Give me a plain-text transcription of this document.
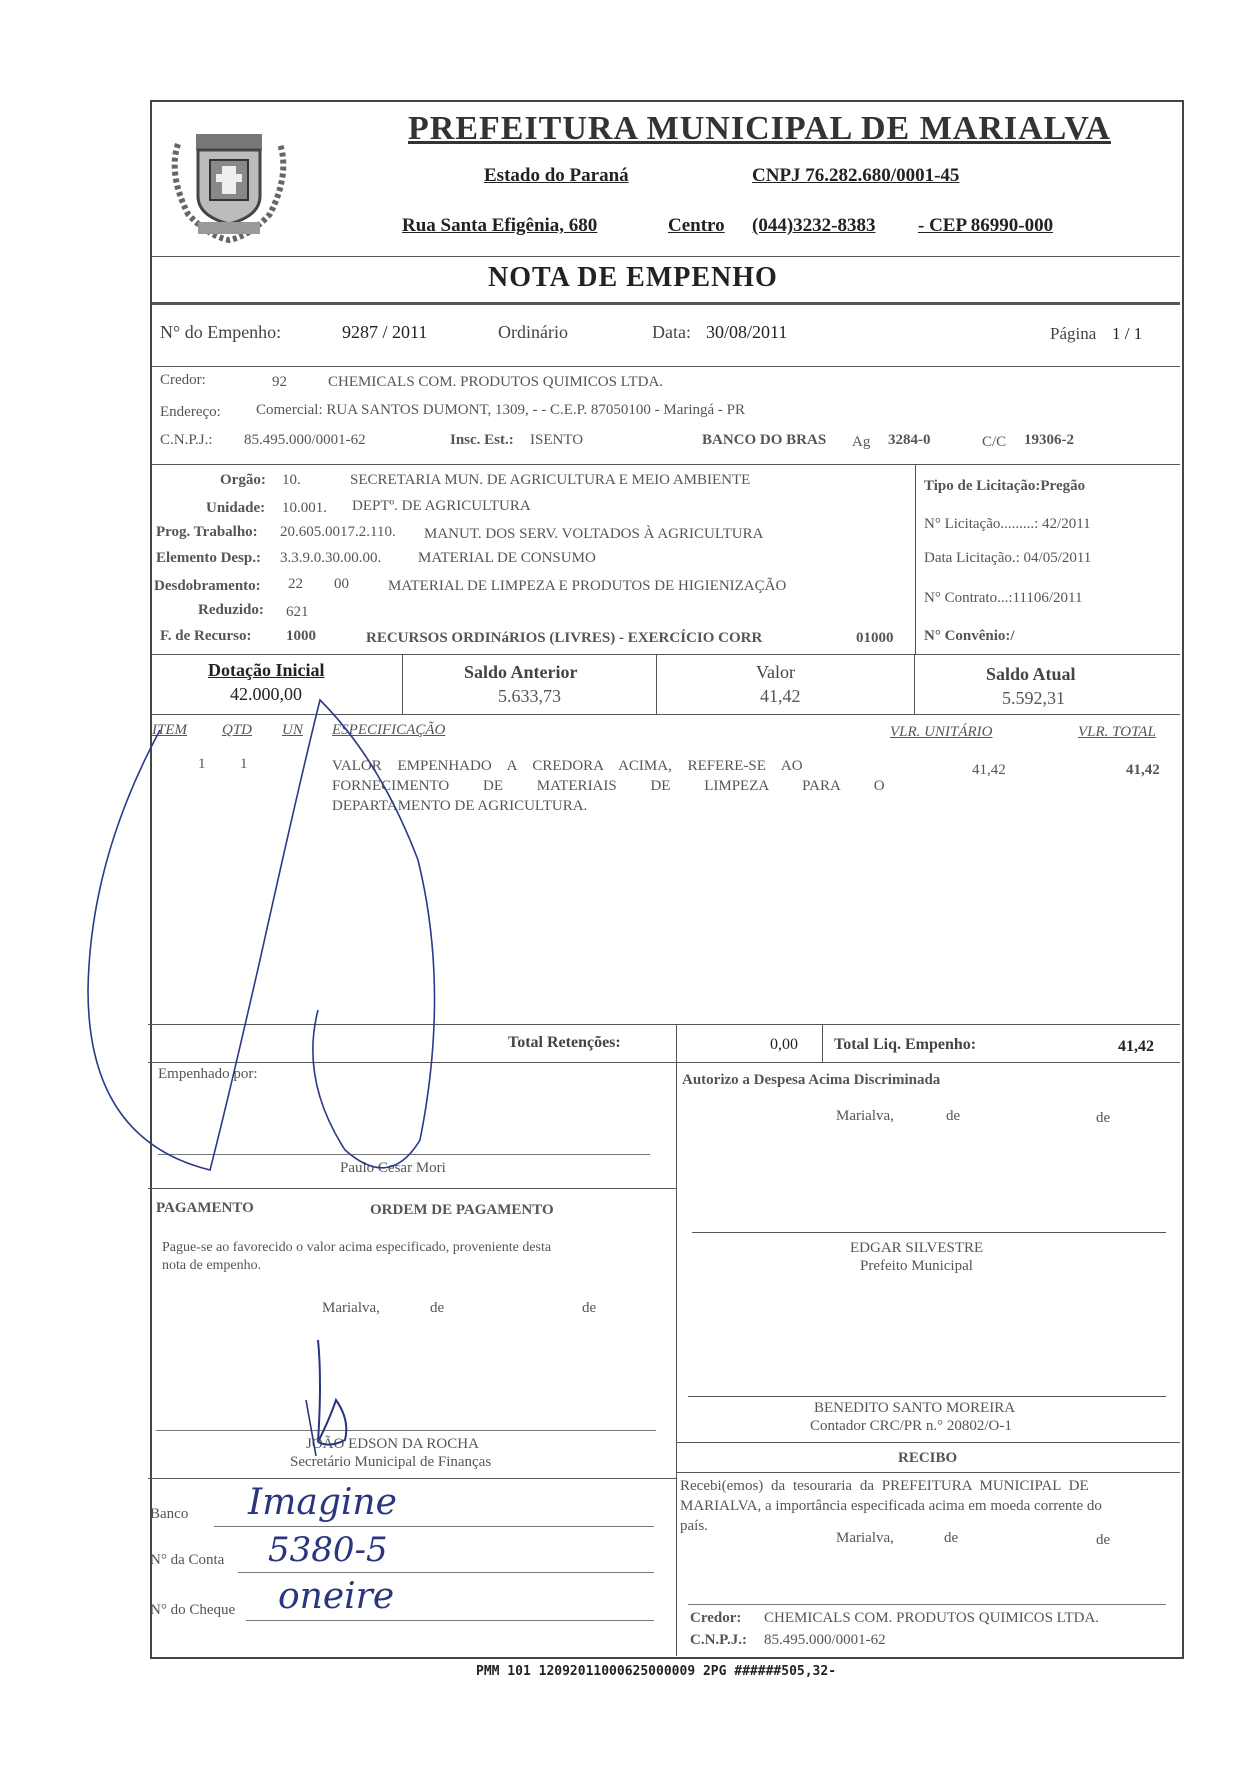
PREFEITURA MUNICIPAL DE MARIALVA
Estado do Paraná	CNPJ 76.282.680/0001-45
Rua Santa Efigênia, 680	Centro (044)3232-8383 - CEP 86990-000
NOTA DE EMPENHO
N° do Empenho:	9287 / 2011	Ordinário	Data: 30/08/2011	Página 1 / 1
Credor:	92	CHEMICALS COM. PRODUTOS QUIMICOS LTDA.
Endereço: Comercial: RUA SANTOS DUMONT, 1309, - - C.E.P. 87050100 - Maringá - PR
C.N.P.J.: 85.495.000/0001-62	Insc. Est.: ISENTO	BANCO DO BRAS Ag 3284-0	C/C 19306-2
Orgão: 10.	SECRETARIA MUN. DE AGRICULTURA E MEIO AMBIENTE
Unidade: 10.001. DEPTº. DE AGRICULTURA
Prog. Trabalho: 20.605.0017.2.110. MANUT. DOS SERV. VOLTADOS À AGRICULTURA
Elemento Desp.: 3.3.9.0.30.00.00. MATERIAL DE CONSUMO
Desdobramento: 22 00	MATERIAL DE LIMPEZA E PRODUTOS DE HIGIENIZAÇÃO
Reduzido: 621
F. de Recurso: 1000	RECURSOS ORDINáRIOS (LIVRES) - EXERCÍCIO CORR	01000
Tipo de Licitação:Pregão
N° Licitação.........: 42/2011
Data Licitação.: 04/05/2011
N° Contrato...:11106/2011
N° Convênio:/
Dotação Inicial
42.000,00
Saldo Anterior
5.633,73
Valor
41,42
Saldo Atual
5.592,31
ITEM QTD UN ESPECIFICAÇÃO	VLR. UNITÁRIO	VLR. TOTAL
1 1	VALOR EMPENHADO A CREDORA ACIMA, REFERE-SE AO
FORNECIMENTO DE MATERIAIS DE LIMPEZA PARA O
DEPARTAMENTO DE AGRICULTURA.
41,42	41,42
Total Retenções:	0,00 Total Liq. Empenho:	41,42
Empenhado por:
Paulo Cesar Mori
Autorizo a Despesa Acima Discriminada
Marialva,	de	de
EDGAR SILVESTRE
Prefeito Municipal
PAGAMENTO	ORDEM DE PAGAMENTO
Pague-se ao favorecido o valor acima especificado, proveniente desta
nota de empenho.
Marialva,	de	de
JOÃO EDSON DA ROCHA
Secretário Municipal de Finanças
BENEDITO SANTO MOREIRA
Contador CRC/PR n.° 20802/O-1
RECIBO
Recebi(emos) da tesouraria da PREFEITURA MUNICIPAL DE
MARIALVA, a importância especificada acima em moeda corrente do
país.
Marialva,	de	de
Credor: CHEMICALS COM. PRODUTOS QUIMICOS LTDA.
C.N.P.J.: 85.495.000/0001-62
Banco Imagine
N° da Conta 5380-5
N° do Cheque oneire
PMM 101 12092011000625000009 2PG ######505,32-
